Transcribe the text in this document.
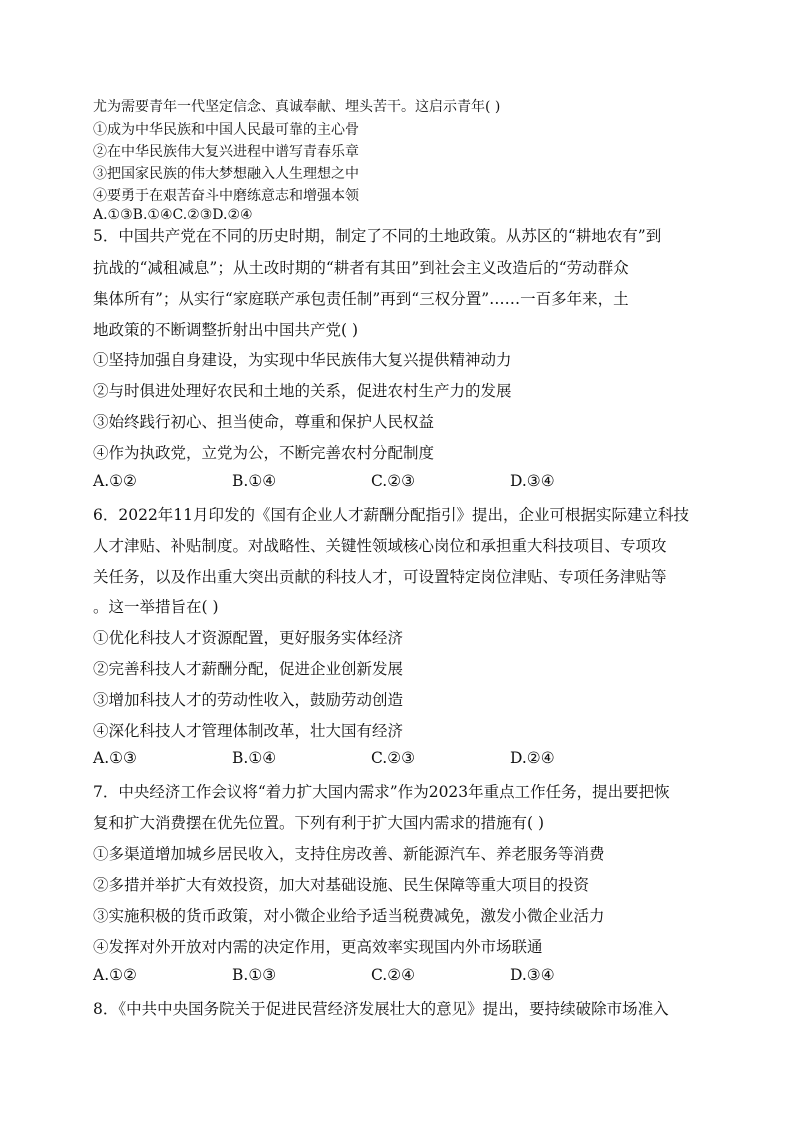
尤为需要青年一代坚定信念、真诚奉献、埋头苦干。这启示青年( )
①成为中华民族和中国人民最可靠的主心骨
②在中华民族伟大复兴进程中谱写青春乐章
③把国家民族的伟大梦想融入人生理想之中
④要勇于在艰苦奋斗中磨练意志和增强本领
A.①③B.①④C.②③D.②④
5．中国共产党在不同的历史时期，制定了不同的土地政策。从苏区的“耕地农有”到
抗战的“减租减息”；从土改时期的“耕者有其田”到社会主义改造后的“劳动群众
集体所有”；从实行“家庭联产承包责任制”再到“三权分置”……一百多年来，土
地政策的不断调整折射出中国共产党( )
①坚持加强自身建设，为实现中华民族伟大复兴提供精神动力
②与时俱进处理好农民和土地的关系，促进农村生产力的发展
③始终践行初心、担当使命，尊重和保护人民权益
④作为执政党，立党为公，不断完善农村分配制度
A.①②	B.①④	C.②③	D.③④
6．2022年11月印发的《国有企业人才薪酬分配指引》提出，企业可根据实际建立科技
人才津贴、补贴制度。对战略性、关键性领域核心岗位和承担重大科技项目、专项攻
关任务，以及作出重大突出贡献的科技人才，可设置特定岗位津贴、专项任务津贴等
。这一举措旨在( )
①优化科技人才资源配置，更好服务实体经济
②完善科技人才薪酬分配，促进企业创新发展
③增加科技人才的劳动性收入，鼓励劳动创造
④深化科技人才管理体制改革，壮大国有经济
A.①③	B.①④	C.②③	D.②④
7．中央经济工作会议将“着力扩大国内需求”作为2023年重点工作任务，提出要把恢
复和扩大消费摆在优先位置。下列有利于扩大国内需求的措施有( )
①多渠道增加城乡居民收入，支持住房改善、新能源汽车、养老服务等消费
②多措并举扩大有效投资，加大对基础设施、民生保障等重大项目的投资
③实施积极的货币政策，对小微企业给予适当税费减免，激发小微企业活力
④发挥对外开放对内需的决定作用，更高效率实现国内外市场联通
A.①②	B.①③	C.②④	D.③④
8．《中共中央国务院关于促进民营经济发展壮大的意见》提出，要持续破除市场准入
